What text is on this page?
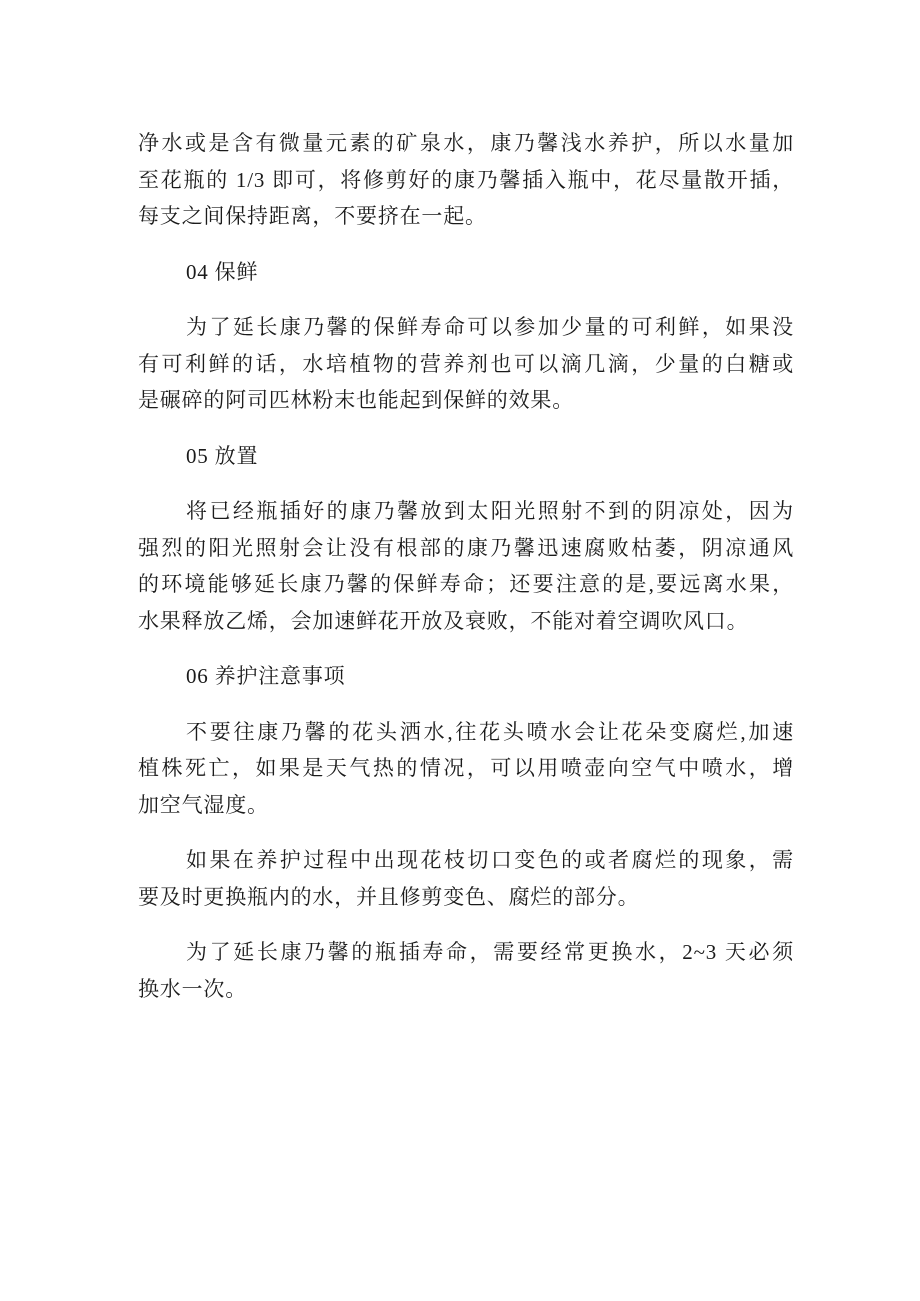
净水或是含有微量元素的矿泉水，康乃馨浅水养护，所以水量加
至花瓶的 1/3 即可，将修剪好的康乃馨插入瓶中，花尽量散开插，
每支之间保持距离，不要挤在一起。
04 保鲜
为了延长康乃馨的保鲜寿命可以参加少量的可利鲜，如果没
有可利鲜的话，水培植物的营养剂也可以滴几滴，少量的白糖或
是碾碎的阿司匹林粉末也能起到保鲜的效果。
05 放置
将已经瓶插好的康乃馨放到太阳光照射不到的阴凉处，因为
强烈的阳光照射会让没有根部的康乃馨迅速腐败枯萎，阴凉通风
的环境能够延长康乃馨的保鲜寿命；还要注意的是,要远离水果，
水果释放乙烯，会加速鲜花开放及衰败，不能对着空调吹风口。
06 养护注意事项
不要往康乃馨的花头洒水,往花头喷水会让花朵变腐烂,加速
植株死亡，如果是天气热的情况，可以用喷壶向空气中喷水，增
加空气湿度。
如果在养护过程中出现花枝切口变色的或者腐烂的现象，需
要及时更换瓶内的水，并且修剪变色、腐烂的部分。
为了延长康乃馨的瓶插寿命，需要经常更换水，2~3 天必须
换水一次。
